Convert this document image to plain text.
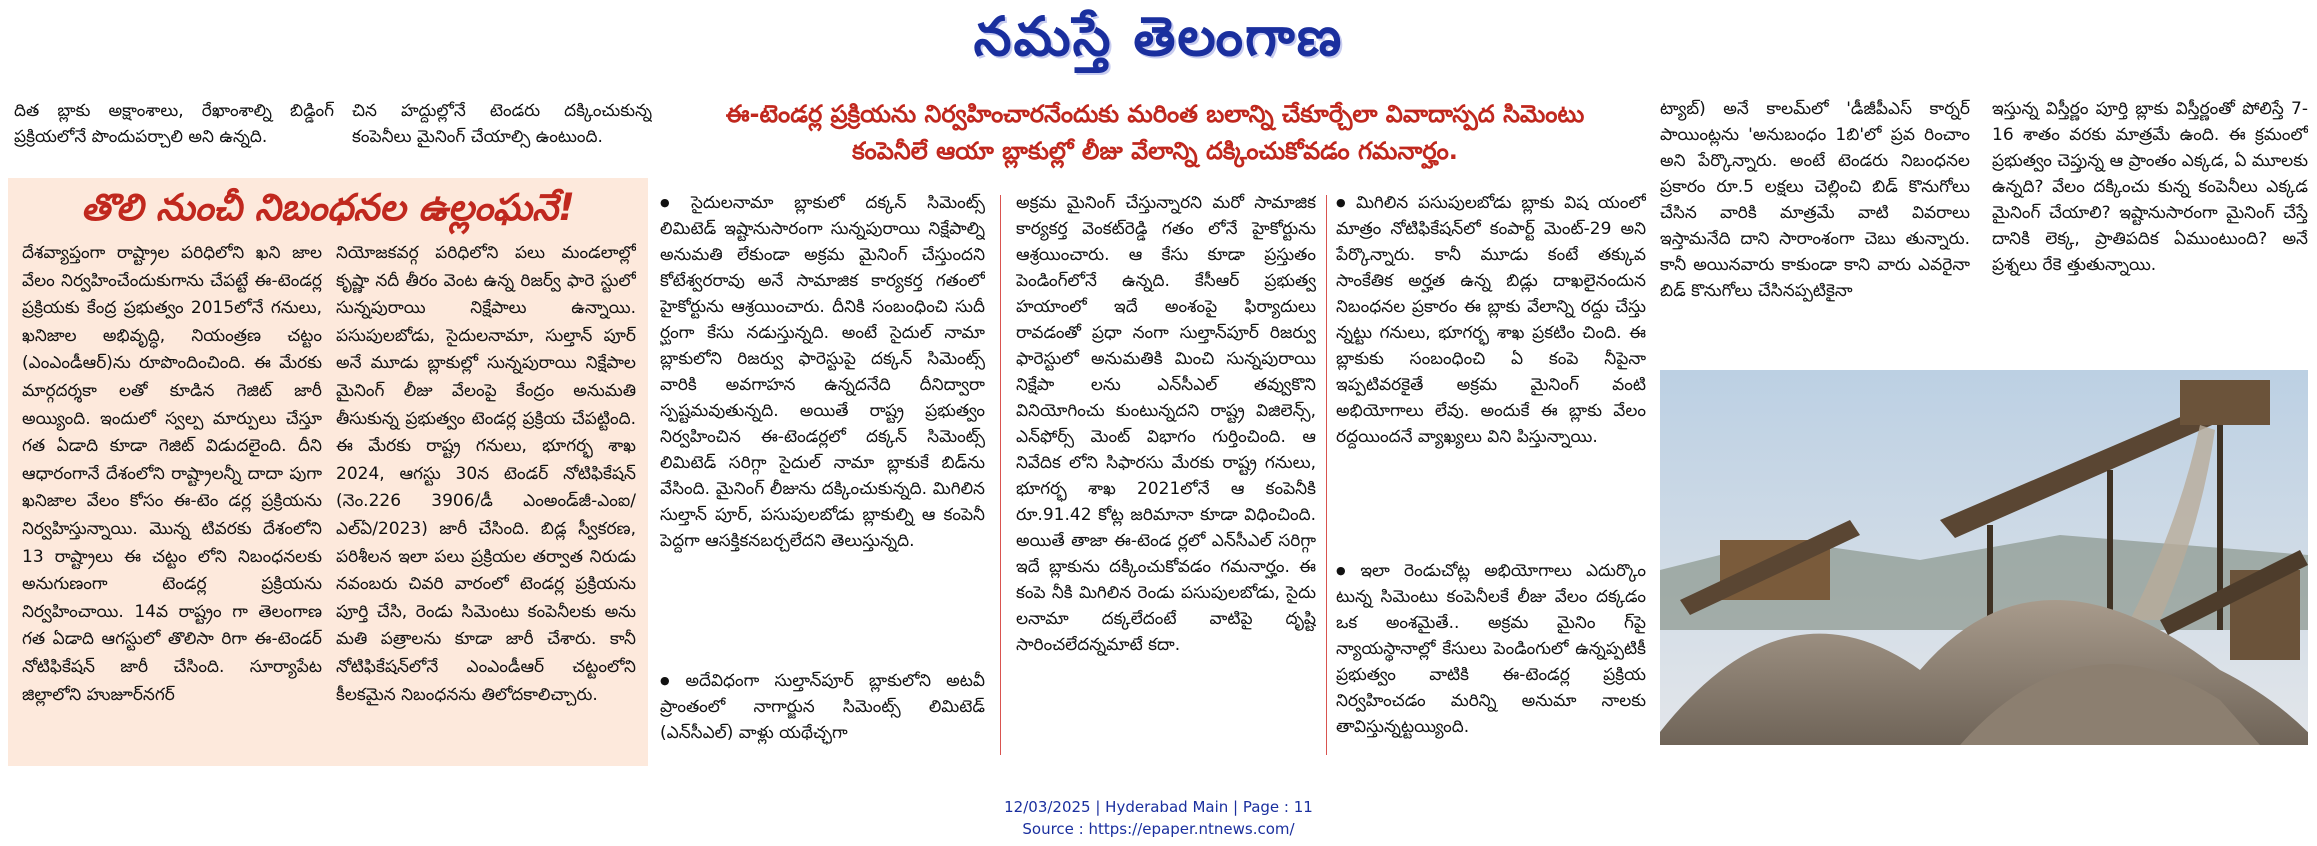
నమస్తే తెలంగాణ
దిత బ్లాకు అక్షాంశాలు, రేఖాంశాల్ని బిడ్డింగ్ ప్రక్రియలోనే పొందుపర్చాలి అని ఉన్నది.
చిన హద్దుల్లోనే టెండరు దక్కించుకున్న కంపెనీలు మైనింగ్ చేయాల్సి ఉంటుంది.
ఈ-టెండర్ల ప్రక్రియను నిర్వహించారనేందుకు మరింత బలాన్ని చేకూర్చేలా వివాదాస్పద సిమెంటు కంపెనీలే ఆయా బ్లాకుల్లో లీజు వేలాన్ని దక్కించుకోవడం గమనార్హం.
తొలి నుంచీ నిబంధనల ఉల్లంఘనే!
దేశవ్యాప్తంగా రాష్ట్రాల పరిధిలోని ఖని జాల వేలం నిర్వహించేందుకుగాను చేపట్టే ఈ-టెండర్ల ప్రక్రియకు కేంద్ర ప్రభుత్వం 2015లోనే గనులు, ఖనిజాల అభివృద్ధి, నియంత్రణ చట్టం (ఎంఎండీఆర్)ను రూపొందించింది. ఈ మేరకు మార్గదర్శకా లతో కూడిన గెజిట్ జారీ అయ్యింది. ఇందులో స్వల్ప మార్పులు చేస్తూ గత ఏడాది కూడా గెజిట్ విడుదలైంది. దీని ఆధారంగానే దేశంలోని రాష్ట్రాలన్నీ దాదా పుగా ఖనిజాల వేలం కోసం ఈ-టెం డర్ల ప్రక్రియను నిర్వహిస్తున్నాయి. మొన్న టివరకు దేశంలోని 13 రాష్ట్రాలు ఈ చట్టం లోని నిబంధనలకు అనుగుణంగా టెండర్ల ప్రక్రియను నిర్వహించాయి. 14వ రాష్ట్రం గా తెలంగాణ గత ఏడాది ఆగస్టులో తొలిసా రిగా ఈ-టెండర్ నోటిఫికేషన్ జారీ చేసింది. సూర్యాపేట జిల్లాలోని హుజూర్‌నగర్
నియోజకవర్గ పరిధిలోని పలు మండలాల్లో కృష్ణా నదీ తీరం వెంట ఉన్న రిజర్వ్ ఫారె స్టులో సున్నపురాయి నిక్షేపాలు ఉన్నాయి. పసుపులబోడు, సైదులనామా, సుల్తాన్ పూర్ అనే మూడు బ్లాకుల్లో సున్నపురాయి నిక్షేపాల మైనింగ్ లీజు వేలంపై కేంద్రం అనుమతి తీసుకున్న ప్రభుత్వం టెండర్ల ప్రక్రియ చేపట్టింది. ఈ మేరకు రాష్ట్ర గనులు, భూగర్భ శాఖ 2024, ఆగస్టు 30న టెండర్ నోటిఫికేషన్ (నెం.226 3906/డీ ఎంఅండ్‌జీ-ఎంఐ/ఎల్‌ఏ/2023) జారీ చేసింది. బిడ్ల స్వీకరణ, పరిశీలన ఇలా పలు ప్రక్రియల తర్వాత నిరుడు నవంబరు చివరి వారంలో టెండర్ల ప్రక్రియను పూర్తి చేసి, రెండు సిమెంటు కంపెనీలకు అను మతి పత్రాలను కూడా జారీ చేశారు. కానీ నోటిఫికేషన్‌లోనే ఎంఎండీఆర్ చట్టంలోని కీలకమైన నిబంధనను తిలోదకాలిచ్చారు.
● సైదులనామా బ్లాకులో దక్కన్ సిమెంట్స్ లిమిటెడ్ ఇష్టానుసారంగా సున్నపురాయి నిక్షేపాల్ని అనుమతి లేకుండా అక్రమ మైనింగ్ చేస్తుందని కోటేశ్వరరావు అనే సామాజిక కార్యకర్త గతంలో హైకోర్టును ఆశ్రయించారు. దీనికి సంబంధించి సుదీ ర్ఘంగా కేసు నడుస్తున్నది. అంటే సైదుల్ నామా బ్లాకులోని రిజర్వు ఫారెస్టుపై దక్కన్ సిమెంట్స్ వారికి అవగాహన ఉన్నదనేది దీనిద్వారా స్పష్టమవుతున్నది. అయితే రాష్ట్ర ప్రభుత్వం నిర్వహించిన ఈ-టెండర్లలో దక్కన్ సిమెంట్స్ లిమిటెడ్ సరిగ్గా సైదుల్ నామా బ్లాకుకే బిడ్‌ను వేసింది. మైనింగ్ లీజును దక్కించుకున్నది. మిగిలిన సుల్తాన్ పూర్, పసుపులబోడు బ్లాకుల్ని ఆ కంపెనీ పెద్దగా ఆసక్తికనబర్చలేదని తెలుస్తున్నది.
● అదేవిధంగా సుల్తాన్‌పూర్ బ్లాకులోని అటవీ ప్రాంతంలో నాగార్జున సిమెంట్స్ లిమిటెడ్ (ఎన్‌సీఎల్) వాళ్లు యథేచ్ఛగా
అక్రమ మైనింగ్ చేస్తున్నారని మరో సామాజిక కార్యకర్త వెంకట్‌రెడ్డి గతం లోనే హైకోర్టును ఆశ్రయించారు. ఆ కేసు కూడా ప్రస్తుతం పెండింగ్‌లోనే ఉన్నది. కేసీఆర్ ప్రభుత్వ హయాంలో ఇదే అంశంపై ఫిర్యాదులు రావడంతో ప్రధా నంగా సుల్తాన్‌పూర్ రిజర్వు ఫారెస్టులో అనుమతికి మించి సున్నపురాయి నిక్షేపా లను ఎన్‌సీఎల్ తవ్వుకొని వినియోగించు కుంటున్నదని రాష్ట్ర విజిలెన్స్, ఎన్‌ఫోర్స్ మెంట్ విభాగం గుర్తించింది. ఆ నివేదిక లోని సిఫారసు మేరకు రాష్ట్ర గనులు, భూగర్భ శాఖ 2021లోనే ఆ కంపెనీకి రూ.91.42 కోట్ల జరిమానా కూడా విధించింది. అయితే తాజా ఈ-టెండ ర్లలో ఎన్‌సీఎల్ సరిగ్గా ఇదే బ్లాకును దక్కించుకోవడం గమనార్హం. ఈ కంపె నీకి మిగిలిన రెండు పసుపులబోడు, సైదు లనామా దక్కలేదంటే వాటిపై దృష్టి సారించలేదన్నమాటే కదా.
● మిగిలిన పసుపులబోడు బ్లాకు విష యంలో మాత్రం నోటిఫికేషన్‌లో కంపార్ట్ మెంట్-29 అని పేర్కొన్నారు. కానీ మూడు కంటే తక్కువ సాంకేతిక అర్హత ఉన్న బిడ్లు దాఖలైనందున నిబంధనల ప్రకారం ఈ బ్లాకు వేలాన్ని రద్దు చేస్తు న్నట్టు గనులు, భూగర్భ శాఖ ప్రకటిం చింది. ఈ బ్లాకుకు సంబంధించి ఏ కంపె నీపైనా ఇప్పటివరకైతే అక్రమ మైనింగ్ వంటి అభియోగాలు లేవు. అందుకే ఈ బ్లాకు వేలం రద్దయిందనే వ్యాఖ్యలు విని పిస్తున్నాయి.
● ఇలా రెండుచోట్ల అభియోగాలు ఎదుర్కొం టున్న సిమెంటు కంపెనీలకే లీజు వేలం దక్కడం ఒక అంశమైతే.. అక్రమ మైనిం గ్‌పై న్యాయస్థానాల్లో కేసులు పెండింగులో ఉన్నప్పటికీ ప్రభుత్వం వాటికి ఈ-టెండర్ల ప్రక్రియ నిర్వహించడం మరిన్ని అనుమా నాలకు తావిస్తున్నట్టయ్యింది.
ట్యాబ్) అనే కాలమ్‌లో 'డీజీపీఎస్ కార్నర్ పాయింట్లను 'అనుబంధం 1బి'లో ప్రవ రించాం అని పేర్కొన్నారు. అంటే టెండరు నిబంధనల ప్రకారం రూ.5 లక్షలు చెల్లించి బిడ్ కొనుగోలు చేసిన వారికి మాత్రమే వాటి వివరాలు ఇస్తామనేది దాని సారాంశంగా చెబు తున్నారు. కానీ అయినవారు కాకుండా కాని వారు ఎవరైనా బిడ్ కొనుగోలు చేసినప్పటికైనా
ఇస్తున్న విస్తీర్ణం పూర్తి బ్లాకు విస్తీర్ణంతో పోలిస్తే 7-16 శాతం వరకు మాత్రమే ఉంది. ఈ క్రమంలో ప్రభుత్వం చెప్తున్న ఆ ప్రాంతం ఎక్కడ, ఏ మూలకు ఉన్నది? వేలం దక్కించు కున్న కంపెనీలు ఎక్కడ మైనింగ్ చేయాలి? ఇష్టానుసారంగా మైనింగ్ చేస్తే దానికి లెక్క, ప్రాతిపదిక ఏముంటుంది? అనే ప్రశ్నలు రేకె త్తుతున్నాయి.
12/03/2025 | Hyderabad Main | Page : 11
Source : https://epaper.ntnews.com/
